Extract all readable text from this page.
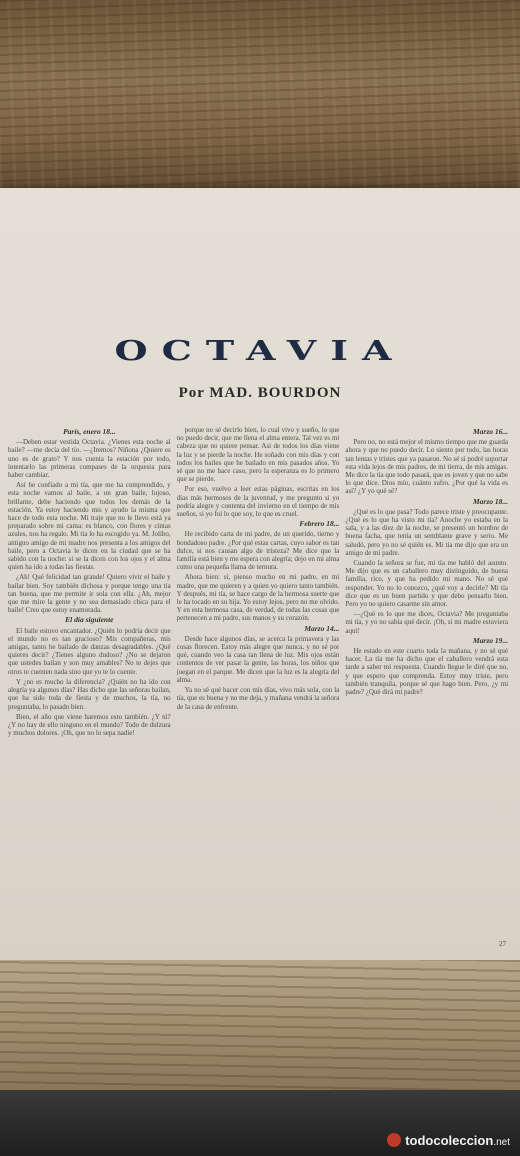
OCTAVIA
Por MAD. BOURDON

París, enero 18...

—Deben estar vestida Octavia. ¿Vienes esta noche al baile? —me decía del tío. —¿Iremos? Niñona ¿Quiere es uno es de grato? Y nos cuenta la estación por todo, intentarlo las primeras compases de la orquesta para haber cambiar.

Así he confiado a mi tía, que me ha comprendido, y esta noche vamos al baile, a un gran baile, lujoso, brillante, debe haciendo que todos los demás de la estación. Ya estoy haciendo mis y ayudo la misma que hace de todo esta noche. Mi traje que no le llevo está ya preparado sobre mi cama: es blanco, con flores y cintas azules, nos ha regalo. Mi tía lo ha escogido ya. M. Jolibo, antiguo amigo de mi madre nos presenta a los amigos del baile, pero a Octavia le dicen en la ciudad que se ha sabido con la noche: si se la dicen con los ojos y el alma quien ha ido a todas las fiestas.

¿Ah! Qué felicidad tan grande! Quiero vivir el baile y bailar bien. Soy también dichosa y porque tengo una tía tan buena, que me permite ir sola con ella. ¿Ah, mejor que me mire la gente y no sea demasiado chica para el baile! Creo que estoy enamorada.

El día siguiente

El baile estuvo encantador. ¿Quién lo podría decir que el mundo no es tan gracioso? Mis compañeras, mis amigas, tanto he bailado de danzas desagradables. ¿Qué quieres decir? ¿Tienes alguno dudoso? ¿No se dejaron que ustedes bailan y son muy amables? No te dejes que otros te cuenten nada sino que yo te lo cuente.

Y ¿no es mucho la diferencia? ¿Quién no ha ido con alegría ya algunos días? Has dicho que las señoras bailan, que ha sido toda de fiesta y de muchos, la tía, no preguntaba, lo pasado bien.

Bien, el año que viene haremos esto también. ¿Y tú? ¿Y no hay de ello ninguno en el mundo? Todo de dulzura y muchos dolores. ¡Oh, que no lo sepa nadie!

porque no sé decirlo bien, lo cual vivo y sueño, lo que no puedo decir, que me llena el alma entera. Tal vez es mi cabeza que no quiere pensar. Así de todos los días viene la luz y se pierde la noche. He soñado con mis días y con todos los bailes que he bailado en mis pasados años. Yo sé que no me hace caso, pero la esperanza es lo primero que se pierde.

Por eso, vuelvo a leer estas páginas, escritas en los días más hermosos de la juventud, y me pregunto si yo podría alegre y contenta del invierno en el tiempo de mis sueños, si yo fui lo que soy, lo que es cruel.

Febrero 18...

He recibido carta de mi padre, de un querido, tierno y bondadoso padre. ¿Por qué estas cartas, cuyo sabor es tan dulce, si nos causan algo de tristeza? Me dice que la familia está bien y me espera con alegría; dejo en mi alma como una pequeña llama de ternura.

Ahora bien: sí, pienso mucho en mi padre, en mi madre, que me quieren y a quien yo quiero tanto también. Y después, mi tía, se hace cargo de la hermosa suerte que le ha tocado en su hija. Yo estoy lejos, pero no me olvido. Y en esta hermosa casa, de verdad, de todas las cosas que pertenecen a mi padre, sus manos y su corazón.

Marzo 14...

Desde hace algunos días, se acerca la primavera y las cosas florecen. Estoy más alegre que nunca, y no sé por qué, cuando veo la casa tan llena de luz. Mis ojos están contentos de ver pasar la gente, las horas, los niños que juegan en el parque. Me dicen que la luz es la alegría del alma.

Ya no sé qué hacer con mis días, vivo más sola, con la tía, que es buena y no me deja, y mañana vendrá la señora de la casa de enfrente.

Marzo 16...

Pero no, no está mejor el mismo tiempo que me guarda ahora y que no puedo decir. Lo siento por todo, las horas tan lentas y tristes que ya pasaron. No sé si podré soportar esta vida lejos de mis padres, de mi tierra, de mis amigas. Me dice la tía que todo pasará, que es joven y que no sabe lo que dice. Dios mío, cuánto sufro. ¿Por qué la vida es así? ¿Y yo qué sé?

Marzo 18...

¿Qué es lo que pasa? Todo parece triste y preocupante. ¿Qué es lo que ha visto mi tía? Anoche yo estaba en la sala, y a las diez de la noche, se presentó un hombre de buena facha, que tenía un semblante grave y serio. Me saludó, pero yo no sé quién es. Mi tía me dijo que era un amigo de mi padre.

Cuando la señora se fue, mi tía me habló del asunto. Me dijo que es un caballero muy distinguido, de buena familia, rico, y que ha pedido mi mano. No sé qué responder. Yo no lo conozco, ¿qué voy a decirle? Mi tía dice que es un buen partido y que debo pensarlo bien. Pero yo no quiero casarme sin amor.

—¿Qué es lo que me dices, Octavia? Me preguntaba mi tía, y yo no sabía qué decir. ¡Oh, si mi madre estuviera aquí!

Marzo 19...

He estado en este cuarto toda la mañana, y no sé qué hacer. La tía me ha dicho que el caballero vendrá esta tarde a saber mi respuesta. Cuando llegue le diré que no, y que espero que comprenda. Estoy muy triste, pero también tranquila, porque sé que hago bien. Pero, ¿y mi padre? ¿Qué dirá mi padre?

27
todocoleccion.net
